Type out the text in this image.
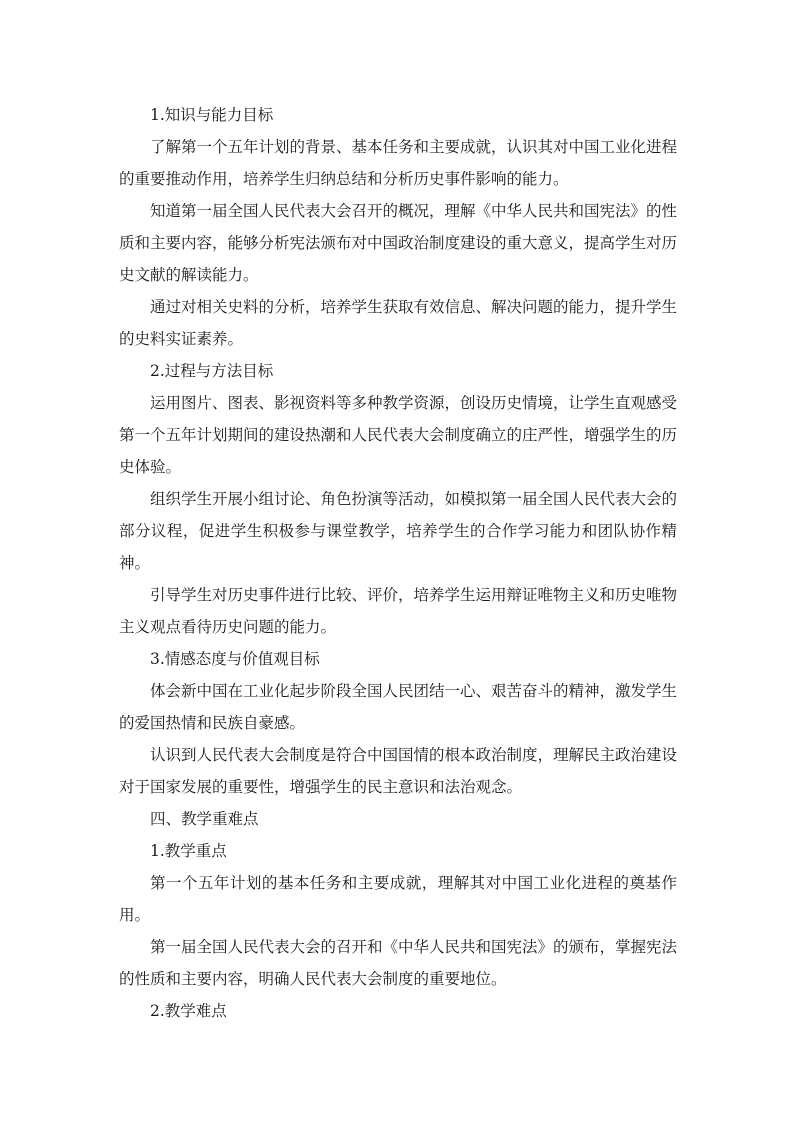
1.知识与能力目标

了解第一个五年计划的背景、基本任务和主要成就，认识其对中国工业化进程的重要推动作用，培养学生归纳总结和分析历史事件影响的能力。

知道第一届全国人民代表大会召开的概况，理解《中华人民共和国宪法》的性质和主要内容，能够分析宪法颁布对中国政治制度建设的重大意义，提高学生对历史文献的解读能力。

通过对相关史料的分析，培养学生获取有效信息、解决问题的能力，提升学生的史料实证素养。

2.过程与方法目标

运用图片、图表、影视资料等多种教学资源，创设历史情境，让学生直观感受第一个五年计划期间的建设热潮和人民代表大会制度确立的庄严性，增强学生的历史体验。

组织学生开展小组讨论、角色扮演等活动，如模拟第一届全国人民代表大会的部分议程，促进学生积极参与课堂教学，培养学生的合作学习能力和团队协作精神。

引导学生对历史事件进行比较、评价，培养学生运用辩证唯物主义和历史唯物主义观点看待历史问题的能力。

3.情感态度与价值观目标

体会新中国在工业化起步阶段全国人民团结一心、艰苦奋斗的精神，激发学生的爱国热情和民族自豪感。

认识到人民代表大会制度是符合中国国情的根本政治制度，理解民主政治建设对于国家发展的重要性，增强学生的民主意识和法治观念。

四、教学重难点

1.教学重点

第一个五年计划的基本任务和主要成就，理解其对中国工业化进程的奠基作用。

第一届全国人民代表大会的召开和《中华人民共和国宪法》的颁布，掌握宪法的性质和主要内容，明确人民代表大会制度的重要地位。

2.教学难点
